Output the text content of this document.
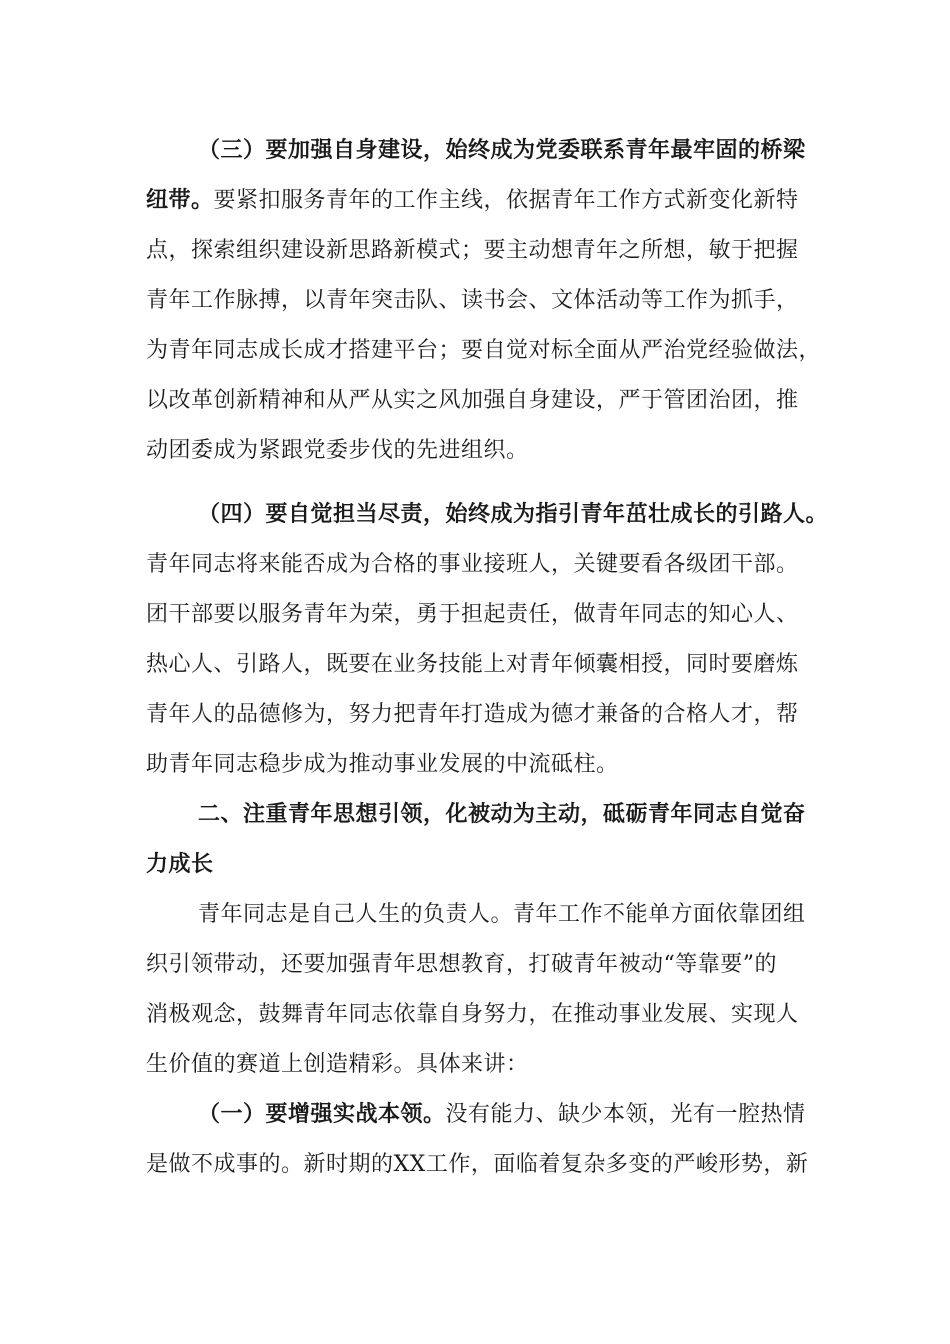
（三）要加强自身建设，始终成为党委联系青年最牢固的桥梁
纽带。要紧扣服务青年的工作主线，依据青年工作方式新变化新特
点，探索组织建设新思路新模式；要主动想青年之所想，敏于把握
青年工作脉搏，以青年突击队、读书会、文体活动等工作为抓手，
为青年同志成长成才搭建平台；要自觉对标全面从严治党经验做法，
以改革创新精神和从严从实之风加强自身建设，严于管团治团，推
动团委成为紧跟党委步伐的先进组织。
（四）要自觉担当尽责，始终成为指引青年茁壮成长的引路人。
青年同志将来能否成为合格的事业接班人，关键要看各级团干部。
团干部要以服务青年为荣，勇于担起责任，做青年同志的知心人、
热心人、引路人，既要在业务技能上对青年倾囊相授，同时要磨炼
青年人的品德修为，努力把青年打造成为德才兼备的合格人才，帮
助青年同志稳步成为推动事业发展的中流砥柱。
二、注重青年思想引领，化被动为主动，砥砺青年同志自觉奋
力成长
青年同志是自己人生的负责人。青年工作不能单方面依靠团组
织引领带动，还要加强青年思想教育，打破青年被动“等靠要”的
消极观念，鼓舞青年同志依靠自身努力，在推动事业发展、实现人
生价值的赛道上创造精彩。具体来讲：
（一）要增强实战本领。没有能力、缺少本领，光有一腔热情
是做不成事的。新时期的XX工作，面临着复杂多变的严峻形势，新
